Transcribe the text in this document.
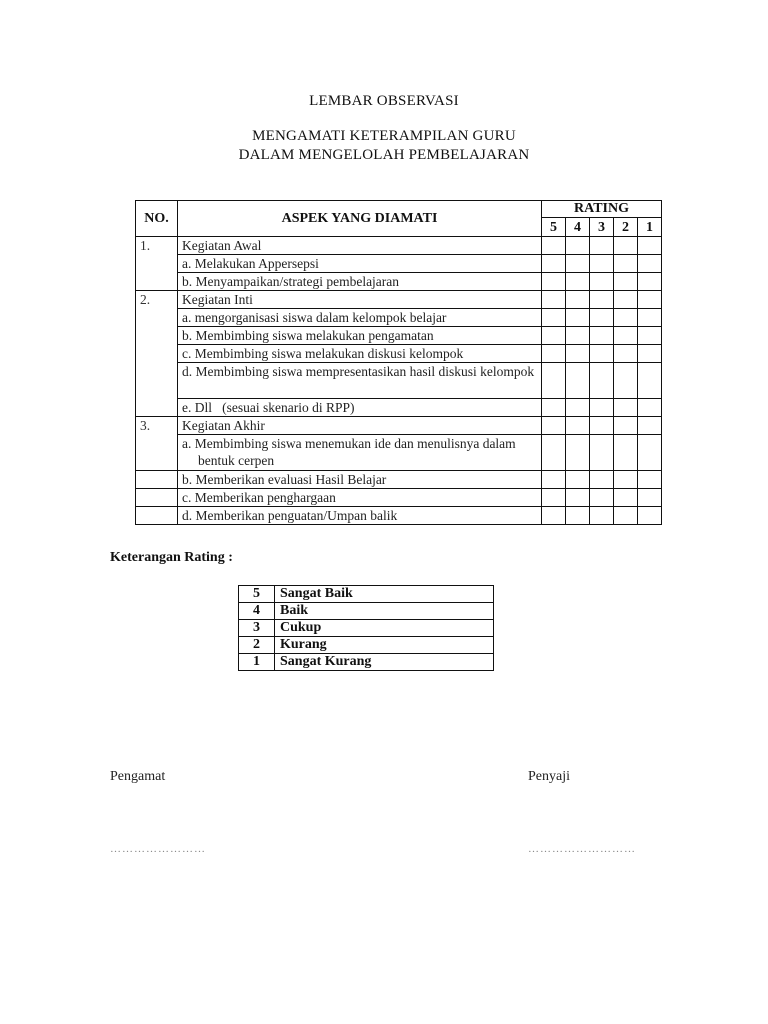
LEMBAR OBSERVASI
MENGAMATI KETERAMPILAN GURU
DALAM MENGELOLAH PEMBELAJARAN
NO.	ASPEK YANG DIAMATI	RATING				
		5	4	3	2	1
1.	Kegiatan Awal					
	a. Melakukan Appersepsi					
	b. Menyampaikan/strategi pembelajaran					
2.	Kegiatan Inti					
	a. mengorganisasi siswa dalam kelompok belajar					
	b. Membimbing siswa melakukan pengamatan					
	c. Membimbing siswa melakukan diskusi kelompok					
	d. Membimbing siswa mempresentasikan hasil diskusi kelompok					
	e. Dll   (sesuai skenario di RPP)					
3.	Kegiatan Akhir					
	a. Membimbing siswa menemukan ide dan menulisnya dalam bentuk cerpen					
	b. Memberikan evaluasi Hasil Belajar					
	c. Memberikan penghargaan					
	d. Memberikan penguatan/Umpan balik					
Keterangan Rating :
5	Sangat Baik
4	Baik
3	Cukup
2	Kurang
1	Sangat Kurang
Pengamat	Penyaji
……………………	………………………
